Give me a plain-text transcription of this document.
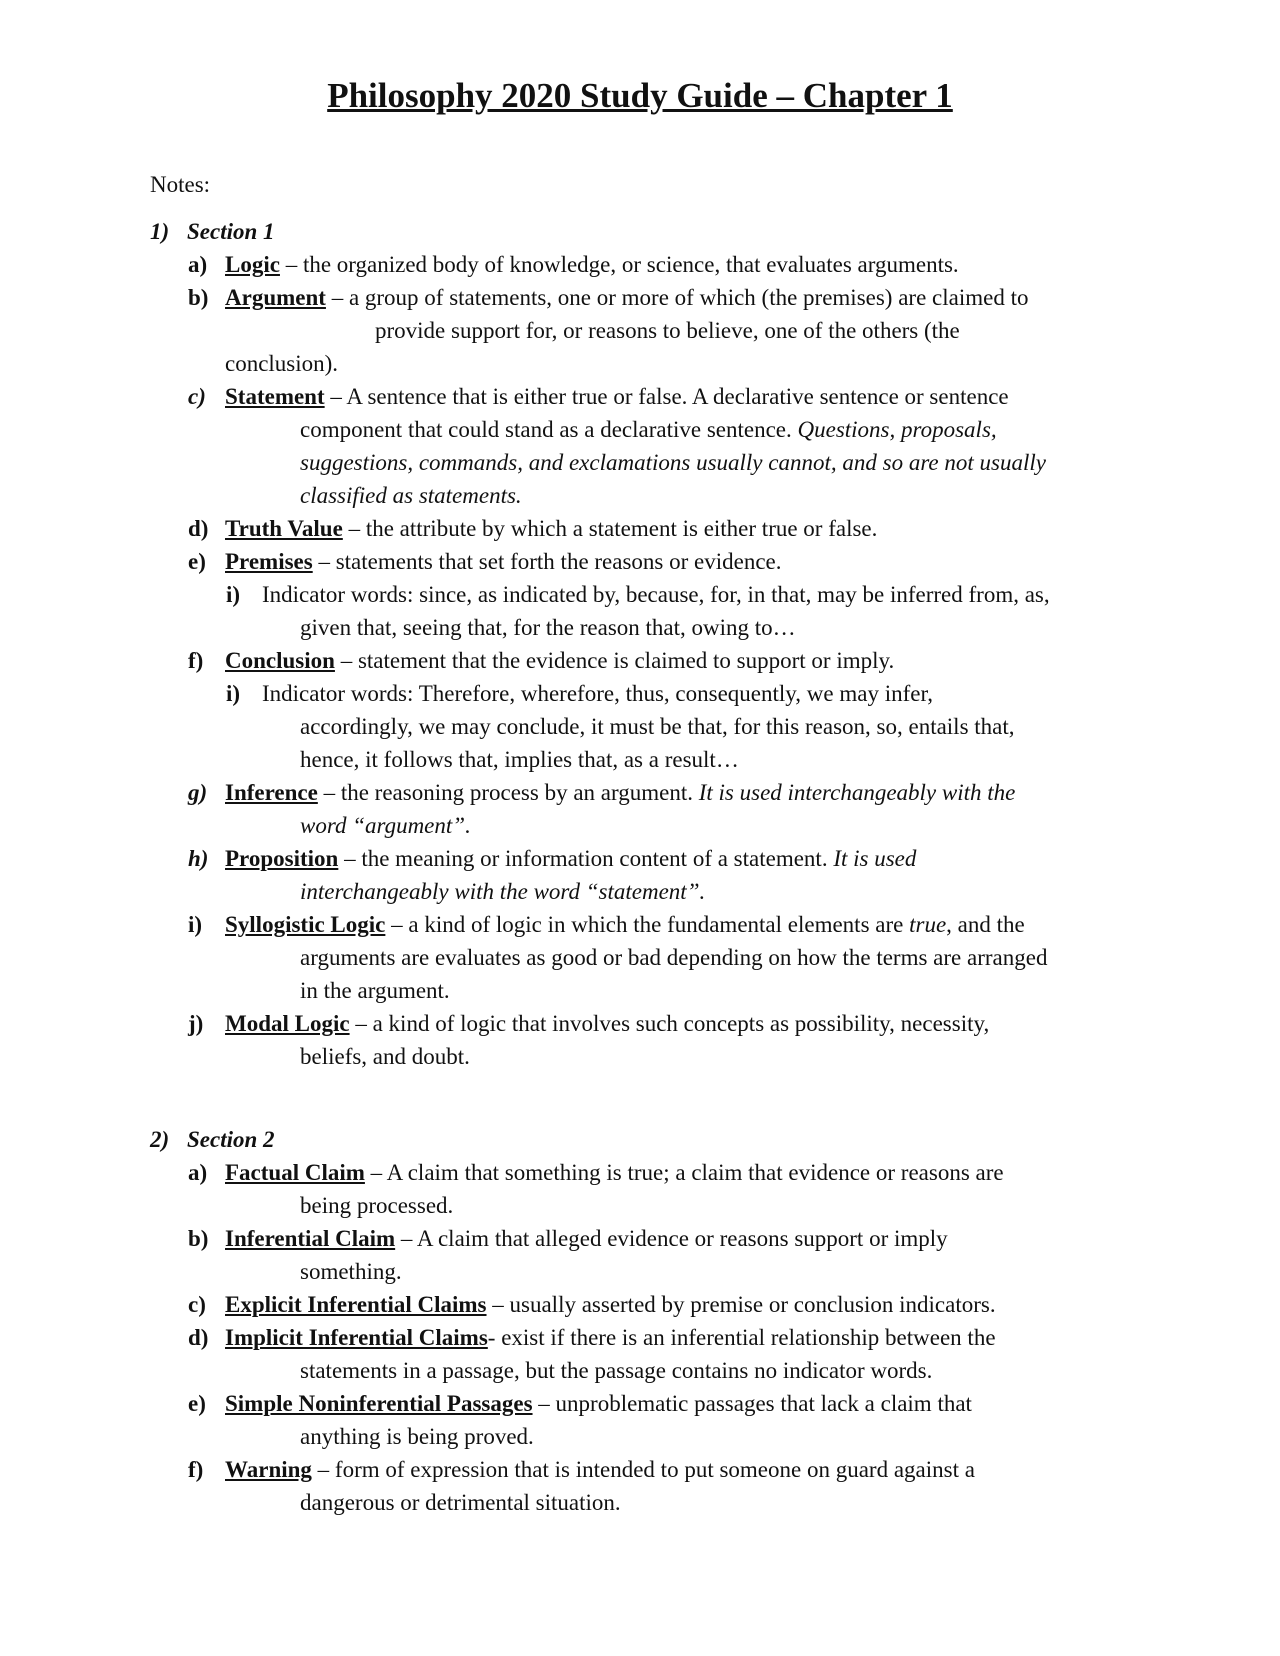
Philosophy 2020 Study Guide – Chapter 1

Notes:

1) Section 1
a) Logic – the organized body of knowledge, or science, that evaluates arguments.
b) Argument – a group of statements, one or more of which (the premises) are claimed to
provide support for, or reasons to believe, one of the others (the
conclusion).
c) Statement – A sentence that is either true or false. A declarative sentence or sentence
component that could stand as a declarative sentence. Questions, proposals,
suggestions, commands, and exclamations usually cannot, and so are not usually
classified as statements.
d) Truth Value – the attribute by which a statement is either true or false.
e) Premises – statements that set forth the reasons or evidence.
i) Indicator words: since, as indicated by, because, for, in that, may be inferred from, as,
given that, seeing that, for the reason that, owing to…
f) Conclusion – statement that the evidence is claimed to support or imply.
i) Indicator words: Therefore, wherefore, thus, consequently, we may infer,
accordingly, we may conclude, it must be that, for this reason, so, entails that,
hence, it follows that, implies that, as a result…
g) Inference – the reasoning process by an argument. It is used interchangeably with the
word “argument”.
h) Proposition – the meaning or information content of a statement. It is used
interchangeably with the word “statement”.
i) Syllogistic Logic – a kind of logic in which the fundamental elements are true, and the
arguments are evaluates as good or bad depending on how the terms are arranged
in the argument.
j) Modal Logic – a kind of logic that involves such concepts as possibility, necessity,
beliefs, and doubt.
2) Section 2
a) Factual Claim – A claim that something is true; a claim that evidence or reasons are
being processed.
b) Inferential Claim – A claim that alleged evidence or reasons support or imply
something.
c) Explicit Inferential Claims – usually asserted by premise or conclusion indicators.
d) Implicit Inferential Claims- exist if there is an inferential relationship between the
statements in a passage, but the passage contains no indicator words.
e) Simple Noninferential Passages – unproblematic passages that lack a claim that
anything is being proved.
f) Warning – form of expression that is intended to put someone on guard against a
dangerous or detrimental situation.
